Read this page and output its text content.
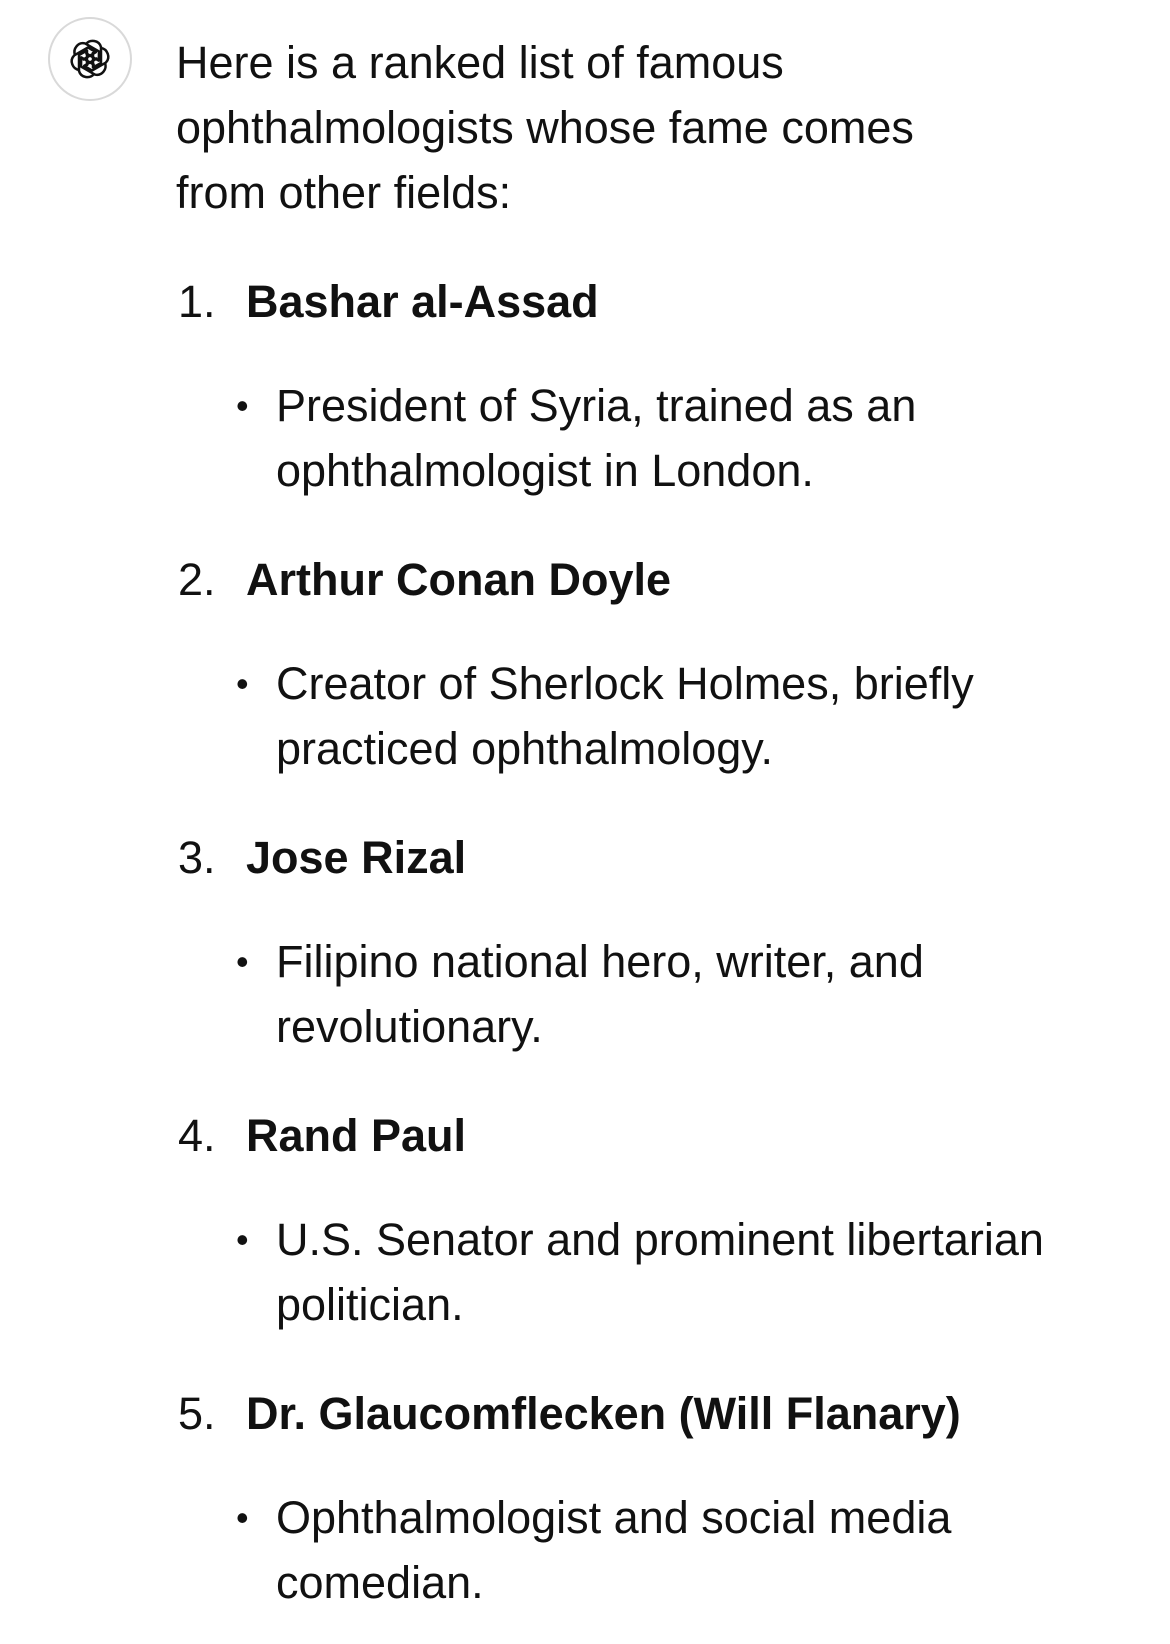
Here is a ranked list of famous ophthalmologists whose fame comes from other fields:

1. Bashar al-Assad
• President of Syria, trained as an ophthalmologist in London.
2. Arthur Conan Doyle
• Creator of Sherlock Holmes, briefly practiced ophthalmology.
3. Jose Rizal
• Filipino national hero, writer, and revolutionary.
4. Rand Paul
• U.S. Senator and prominent libertarian politician.
5. Dr. Glaucomflecken (Will Flanary)
• Ophthalmologist and social media comedian.
